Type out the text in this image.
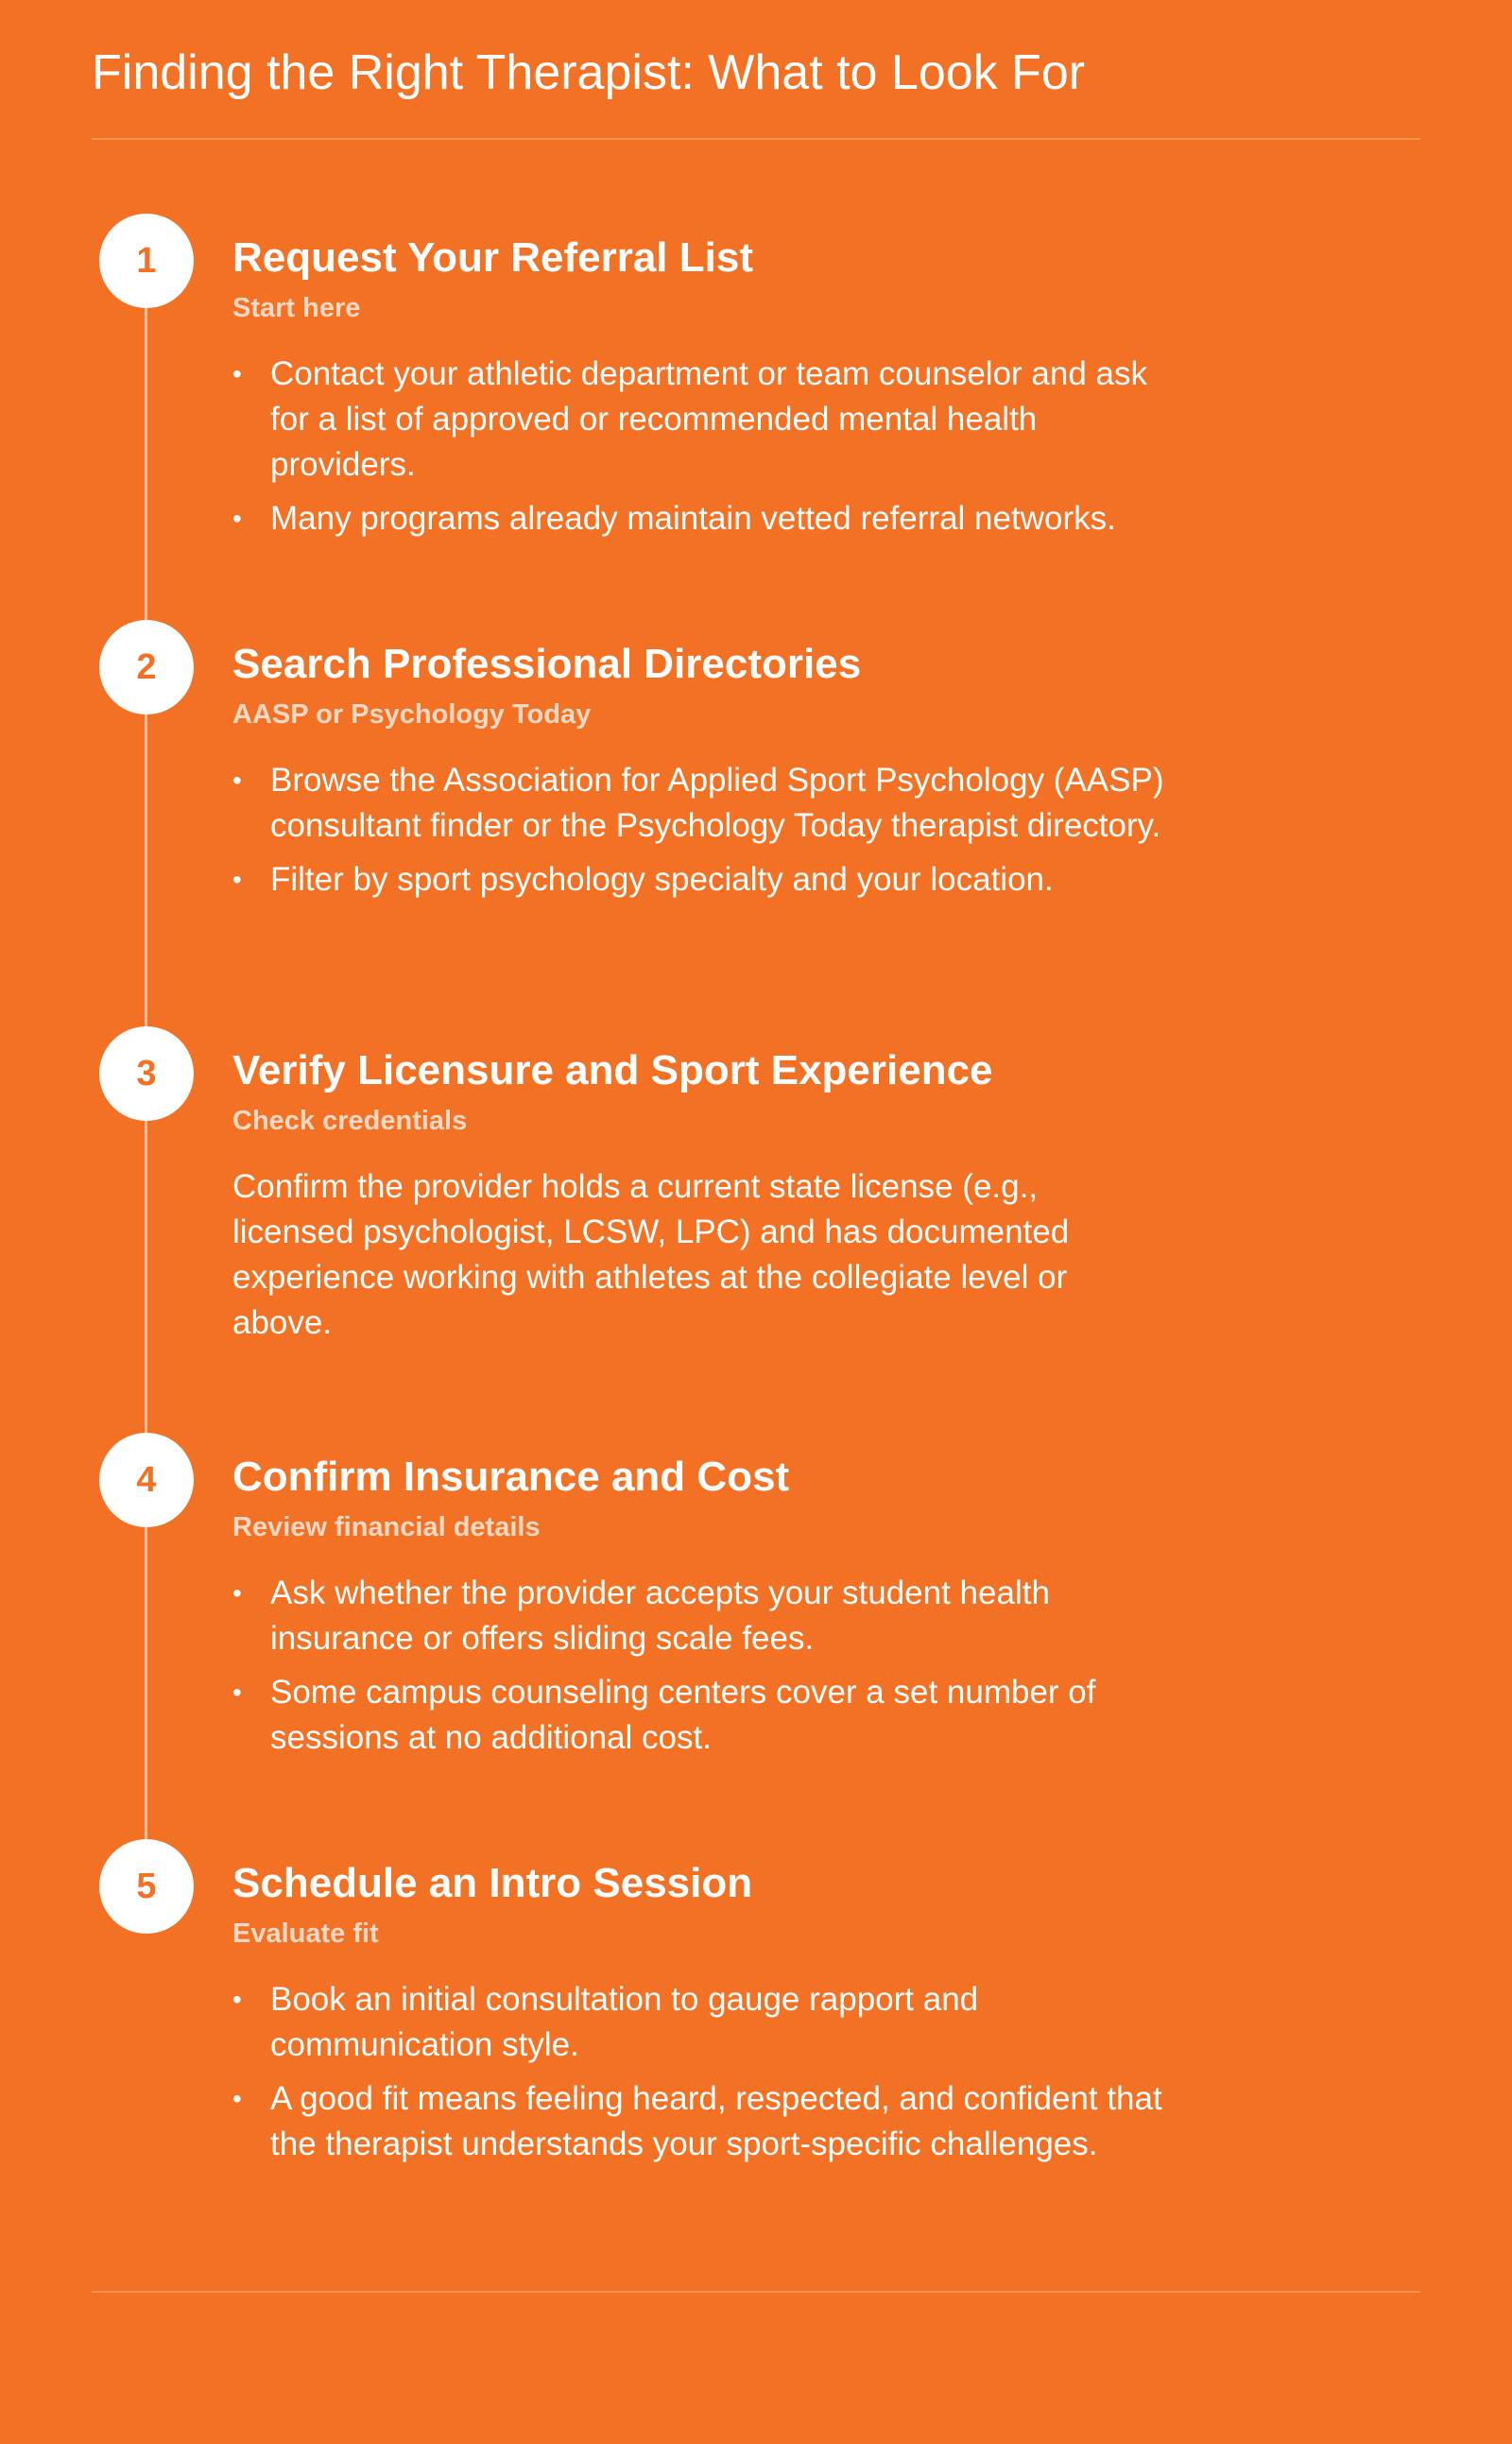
Finding the Right Therapist: What to Look For
1	Request Your Referral List

Start here

• Contact your athletic department or team counselor and ask for a list of approved or recommended mental health providers.
• Many programs already maintain vetted referral networks.
2	Search Professional Directories

AASP or Psychology Today

• Browse the Association for Applied Sport Psychology (AASP) consultant finder or the Psychology Today therapist directory.
• Filter by sport psychology specialty and your location.
3	Verify Licensure and Sport Experience

Check credentials

Confirm the provider holds a current state license (e.g., licensed psychologist, LCSW, LPC) and has documented experience working with athletes at the collegiate level or above.

4	Confirm Insurance and Cost

Review financial details

• Ask whether the provider accepts your student health insurance or offers sliding scale fees.
• Some campus counseling centers cover a set number of sessions at no additional cost.
5	Schedule an Intro Session

Evaluate fit

• Book an initial consultation to gauge rapport and communication style.
• A good fit means feeling heard, respected, and confident that the therapist understands your sport-specific challenges.
